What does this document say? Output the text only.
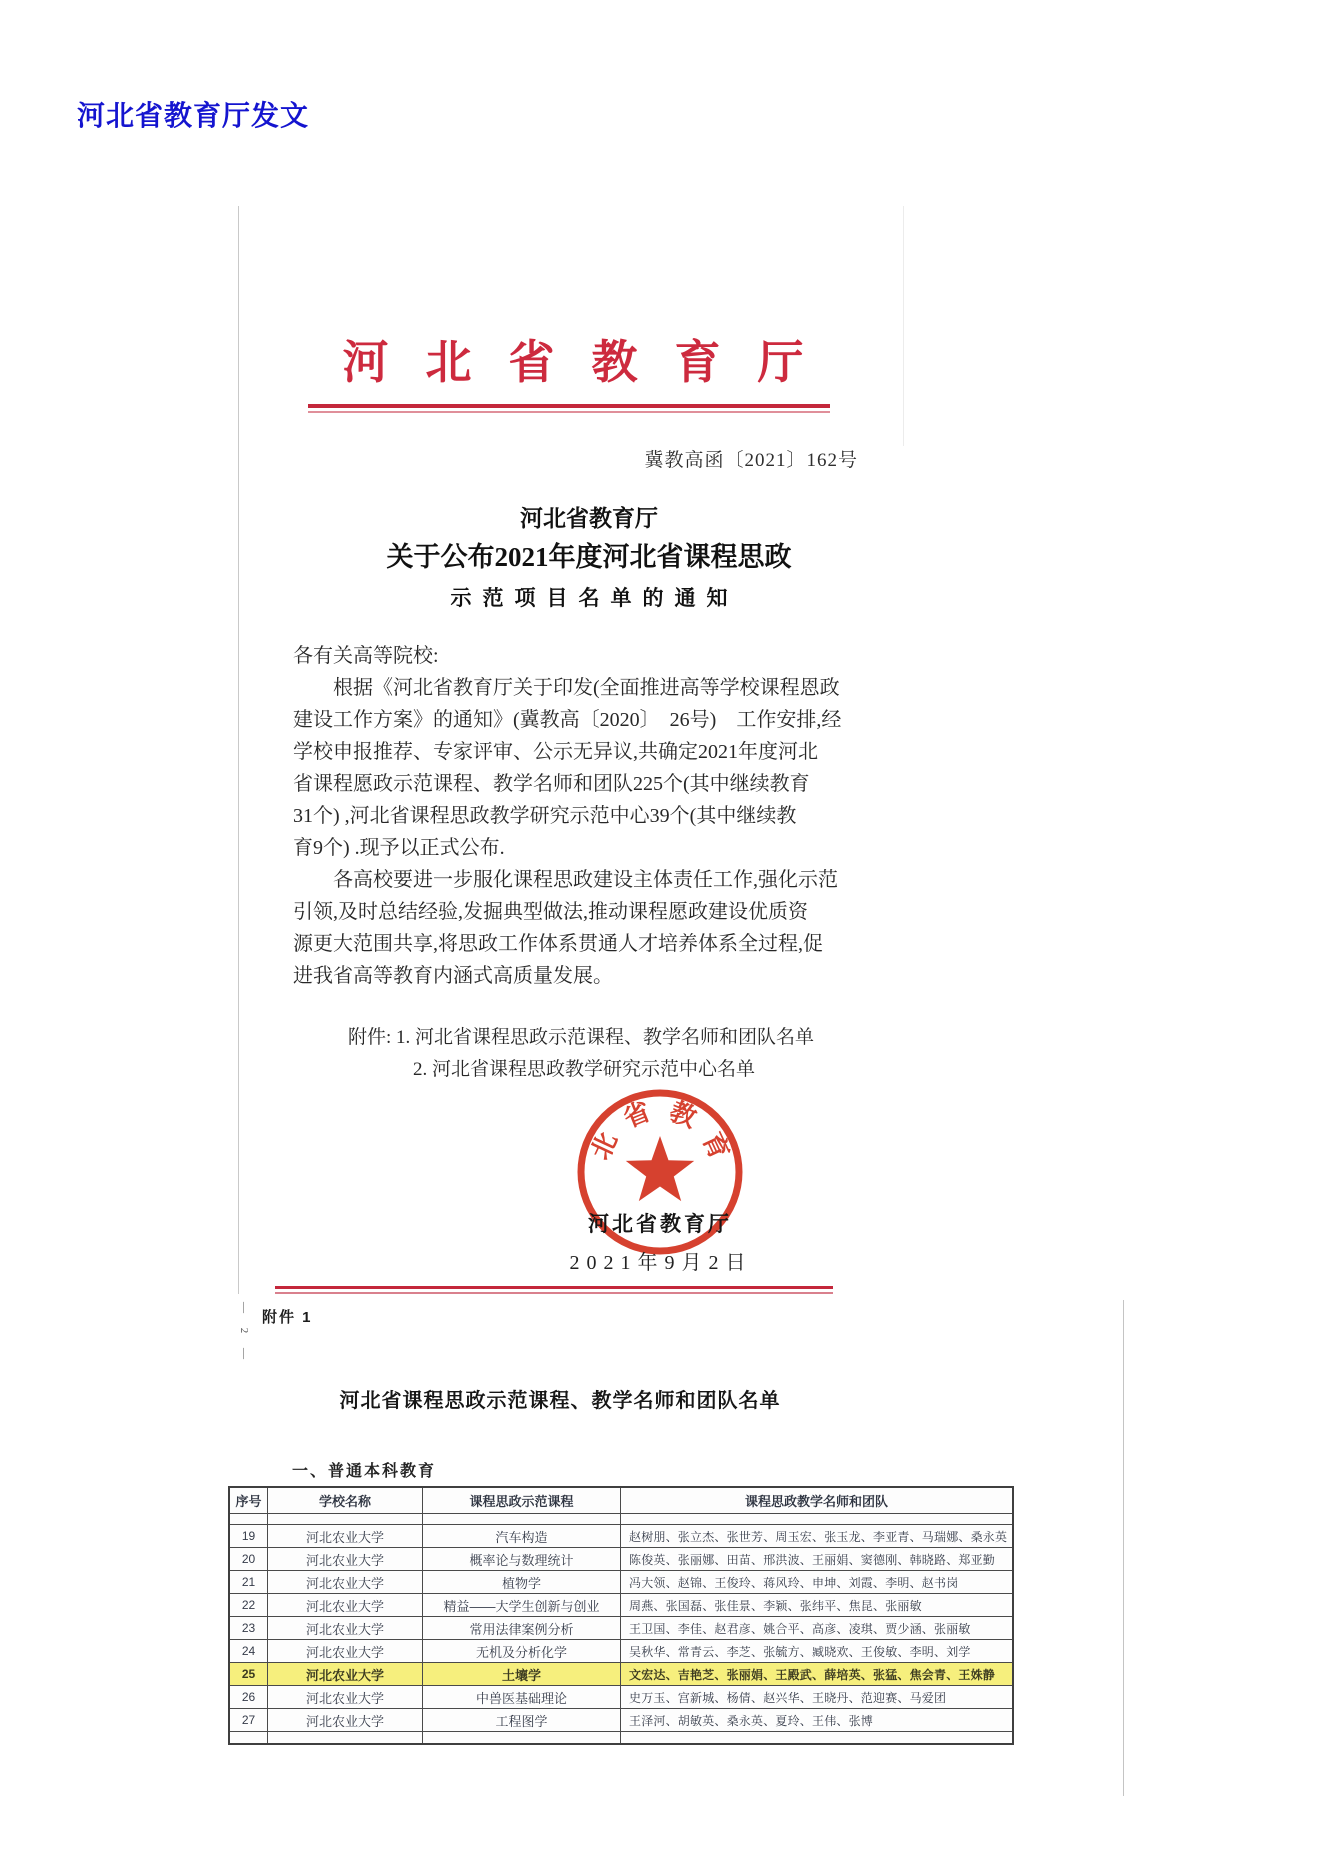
河北省教育厅发文
河北省教育厅
冀教高函〔2021〕162号
河北省教育厅
关于公布2021年度河北省课程思政
示范项目名单的通知
各有关高等院校:
　　根据《河北省教育厅关于印发(全面推进高等学校课程恩政
建设工作方案》的通知》(冀教高〔2020〕　26号)　工作安排,经
学校申报推荐、专家评审、公示无异议,共确定2021年度河北
省课程愿政示范课程、教学名师和团队225个(其中继续教育
31个) ,河北省课程思政教学研究示范中心39个(其中继续教
育9个) .现予以正式公布.
　　各高校要进一步服化课程思政建设主体责任工作,强化示范
引领,及时总结经验,发掘典型做法,推动课程愿政建设优质资
源更大范围共享,将思政工作体系贯通人才培养体系全过程,促
进我省高等教育内涵式高质量发展。
附件: 1. 河北省课程思政示范课程、教学名师和团队名单
2. 河北省课程思政教学研究示范中心名单
北
省 教
育
河北省教育厅
2021年9月2日
— 2 — 附件 1
河北省课程思政示范课程、教学名师和团队名单
一、普通本科教育
序号	学校名称	课程思政示范课程	课程思政教学名师和团队
19	河北农业大学	汽车构造	赵树朋、张立杰、张世芳、周玉宏、张玉龙、李亚青、马瑞娜、桑永英
20	河北农业大学	概率论与数理统计	陈俊英、张丽娜、田苗、邢洪波、王丽娟、窦德刚、韩晓路、郑亚勤
21	河北农业大学	植物学	冯大领、赵锦、王俊玲、蒋风玲、申坤、刘霞、李明、赵书岗
22	河北农业大学	精益——大学生创新与创业	周燕、张国磊、张佳景、李颖、张纬平、焦昆、张丽敏
23	河北农业大学	常用法律案例分析	王卫国、李佳、赵君彦、姚合平、高彦、凌琪、贾少涵、张丽敏
24	河北农业大学	无机及分析化学	吴秋华、常青云、李芝、张毓方、臧晓欢、王俊敏、李明、刘学
25	河北农业大学	土壤学	文宏达、吉艳芝、张丽娟、王殿武、薛培英、张猛、焦会青、王姝静
26	河北农业大学	中兽医基础理论	史万玉、宫新城、杨倩、赵兴华、王晓丹、范迎赛、马爱团
27	河北农业大学	工程图学	王泽河、胡敏英、桑永英、夏玲、王伟、张博
